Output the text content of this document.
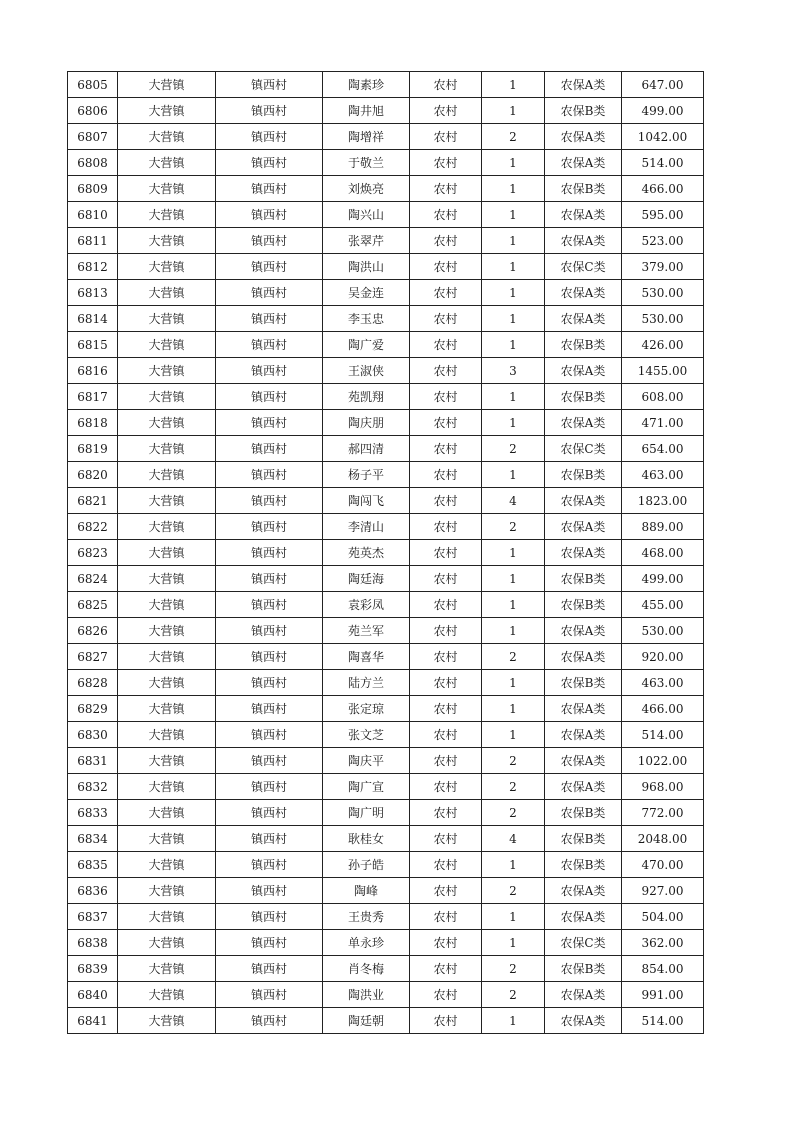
6805	大营镇	镇西村	陶素珍	农村	1	农保A类	647.00
6806	大营镇	镇西村	陶井旭	农村	1	农保B类	499.00
6807	大营镇	镇西村	陶增祥	农村	2	农保A类	1042.00
6808	大营镇	镇西村	于敬兰	农村	1	农保A类	514.00
6809	大营镇	镇西村	刘焕亮	农村	1	农保B类	466.00
6810	大营镇	镇西村	陶兴山	农村	1	农保A类	595.00
6811	大营镇	镇西村	张翠芹	农村	1	农保A类	523.00
6812	大营镇	镇西村	陶洪山	农村	1	农保C类	379.00
6813	大营镇	镇西村	吴金连	农村	1	农保A类	530.00
6814	大营镇	镇西村	李玉忠	农村	1	农保A类	530.00
6815	大营镇	镇西村	陶广爱	农村	1	农保B类	426.00
6816	大营镇	镇西村	王淑侠	农村	3	农保A类	1455.00
6817	大营镇	镇西村	苑凯翔	农村	1	农保B类	608.00
6818	大营镇	镇西村	陶庆朋	农村	1	农保A类	471.00
6819	大营镇	镇西村	郝四清	农村	2	农保C类	654.00
6820	大营镇	镇西村	杨子平	农村	1	农保B类	463.00
6821	大营镇	镇西村	陶闯飞	农村	4	农保A类	1823.00
6822	大营镇	镇西村	李清山	农村	2	农保A类	889.00
6823	大营镇	镇西村	苑英杰	农村	1	农保A类	468.00
6824	大营镇	镇西村	陶廷海	农村	1	农保B类	499.00
6825	大营镇	镇西村	袁彩凤	农村	1	农保B类	455.00
6826	大营镇	镇西村	苑兰军	农村	1	农保A类	530.00
6827	大营镇	镇西村	陶喜华	农村	2	农保A类	920.00
6828	大营镇	镇西村	陆方兰	农村	1	农保B类	463.00
6829	大营镇	镇西村	张定琼	农村	1	农保A类	466.00
6830	大营镇	镇西村	张文芝	农村	1	农保A类	514.00
6831	大营镇	镇西村	陶庆平	农村	2	农保A类	1022.00
6832	大营镇	镇西村	陶广宣	农村	2	农保A类	968.00
6833	大营镇	镇西村	陶广明	农村	2	农保B类	772.00
6834	大营镇	镇西村	耿桂女	农村	4	农保B类	2048.00
6835	大营镇	镇西村	孙子皓	农村	1	农保B类	470.00
6836	大营镇	镇西村	陶峰	农村	2	农保A类	927.00
6837	大营镇	镇西村	王贵秀	农村	1	农保A类	504.00
6838	大营镇	镇西村	单永珍	农村	1	农保C类	362.00
6839	大营镇	镇西村	肖冬梅	农村	2	农保B类	854.00
6840	大营镇	镇西村	陶洪业	农村	2	农保A类	991.00
6841	大营镇	镇西村	陶廷朝	农村	1	农保A类	514.00
